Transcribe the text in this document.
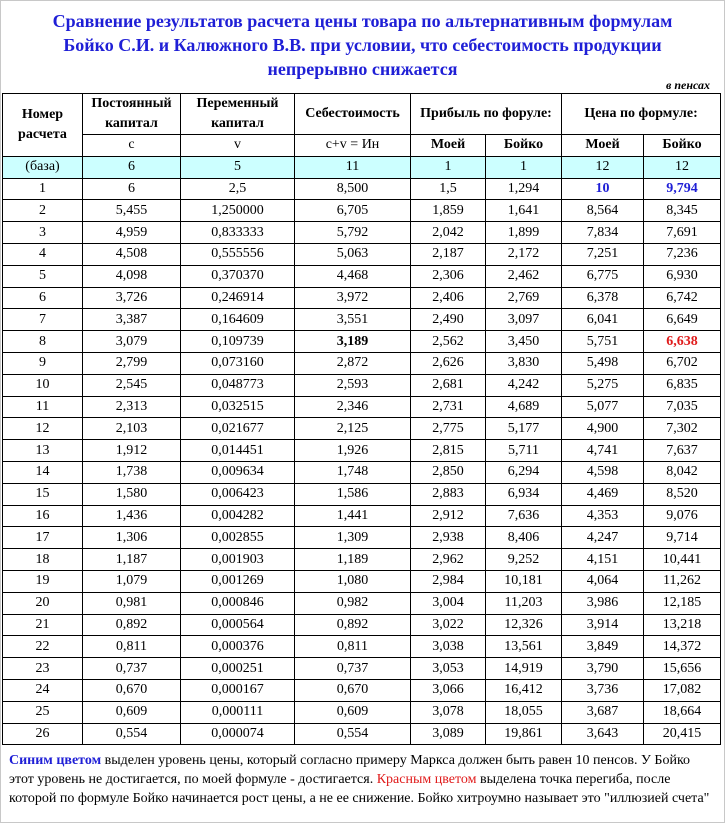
Сравнение результатов расчета цены товара по альтернативным формулам
Бойко С.И. и Калюжного В.В. при условии, что себестоимость продукции
непрерывно снижается
в пенсах
Номер расчета	Постоянный капитал	Переменный капитал	Себестоимость	Прибыль по форуле:		Цена по формуле:	
	c	v	c+v = Ин	Моей	Бойко	Моей	Бойко
(база)	6	5	11	1	1	12	12
1	6	2,5	8,500	1,5	1,294	10	9,794
2	5,455	1,250000	6,705	1,859	1,641	8,564	8,345
3	4,959	0,833333	5,792	2,042	1,899	7,834	7,691
4	4,508	0,555556	5,063	2,187	2,172	7,251	7,236
5	4,098	0,370370	4,468	2,306	2,462	6,775	6,930
6	3,726	0,246914	3,972	2,406	2,769	6,378	6,742
7	3,387	0,164609	3,551	2,490	3,097	6,041	6,649
8	3,079	0,109739	3,189	2,562	3,450	5,751	6,638
9	2,799	0,073160	2,872	2,626	3,830	5,498	6,702
10	2,545	0,048773	2,593	2,681	4,242	5,275	6,835
11	2,313	0,032515	2,346	2,731	4,689	5,077	7,035
12	2,103	0,021677	2,125	2,775	5,177	4,900	7,302
13	1,912	0,014451	1,926	2,815	5,711	4,741	7,637
14	1,738	0,009634	1,748	2,850	6,294	4,598	8,042
15	1,580	0,006423	1,586	2,883	6,934	4,469	8,520
16	1,436	0,004282	1,441	2,912	7,636	4,353	9,076
17	1,306	0,002855	1,309	2,938	8,406	4,247	9,714
18	1,187	0,001903	1,189	2,962	9,252	4,151	10,441
19	1,079	0,001269	1,080	2,984	10,181	4,064	11,262
20	0,981	0,000846	0,982	3,004	11,203	3,986	12,185
21	0,892	0,000564	0,892	3,022	12,326	3,914	13,218
22	0,811	0,000376	0,811	3,038	13,561	3,849	14,372
23	0,737	0,000251	0,737	3,053	14,919	3,790	15,656
24	0,670	0,000167	0,670	3,066	16,412	3,736	17,082
25	0,609	0,000111	0,609	3,078	18,055	3,687	18,664
26	0,554	0,000074	0,554	3,089	19,861	3,643	20,415
Синим цветом выделен уровень цены, который согласно примеру Маркса должен быть равен 10 пенсов. У Бойко этот уровень не достигается, по моей формуле - достигается. Красным цветом выделена точка перегиба, после которой по формуле Бойко начинается рост цены, а не ее снижение. Бойко хитроумно называет это "иллюзией счета"
